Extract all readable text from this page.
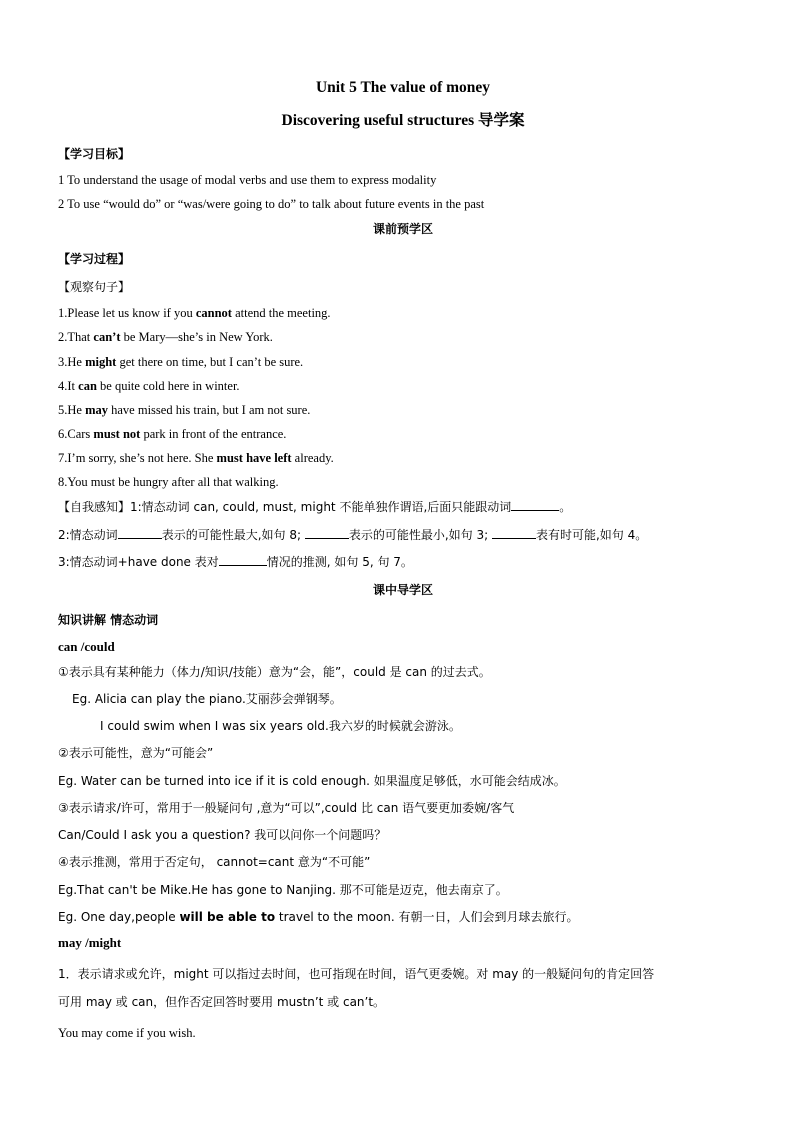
Unit 5 The value of money
Discovering useful structures 导学案
【学习目标】
1 To understand the usage of modal verbs and use them to express modality
2 To use “would do” or “was/were going to do” to talk about future events in the past
课前预学区
【学习过程】
【观察句子】
1.Please let us know if you cannot attend the meeting.
2.That can’t be Mary—she’s in New York.
3.He might get there on time, but I can’t be sure.
4.It can be quite cold here in winter.
5.He may have missed his train, but I am not sure.
6.Cars must not park in front of the entrance.
7.I’m sorry, she’s not here. She must have left already.
8.You must be hungry after all that walking.
【自我感知】1:情态动词 can, could, must, might 不能单独作谓语,后面只能跟动词	。
2:情态动词	表示的可能性最大,如句 8;	表示的可能性最小,如句 3;	表有时可能,如句 4。
3:情态动词+have done 表对	情况的推测, 如句 5, 句 7。
课中导学区
知识讲解 情态动词
can /could
①表示具有某种能力（体力/知识/技能）意为“会，能”，could 是 can 的过去式。
Eg. Alicia can play the piano.艾丽莎会弹钢琴。
I could swim when I was six years old.我六岁的时候就会游泳。
②表示可能性，意为“可能会”
Eg. Water can be turned into ice if it is cold enough. 如果温度足够低，水可能会结成冰。
③表示请求/许可，常用于一般疑问句 ,意为“可以”,could 比 can 语气要更加委婉/客气
Can/Could I ask you a question? 我可以问你一个问题吗？
④表示推测，常用于否定句， cannot=cant 意为“不可能”
Eg.That can't be Mike.He has gone to Nanjing. 那不可能是迈克，他去南京了。
Eg. One day,people will be able to travel to the moon. 有朝一日，人们会到月球去旅行。
may /might
1．表示请求或允许，might 可以指过去时间，也可指现在时间，语气更委婉。对 may 的一般疑问句的肯定回答
可用 may 或 can，但作否定回答时要用 mustn’t 或 can’t。
You may come if you wish.
